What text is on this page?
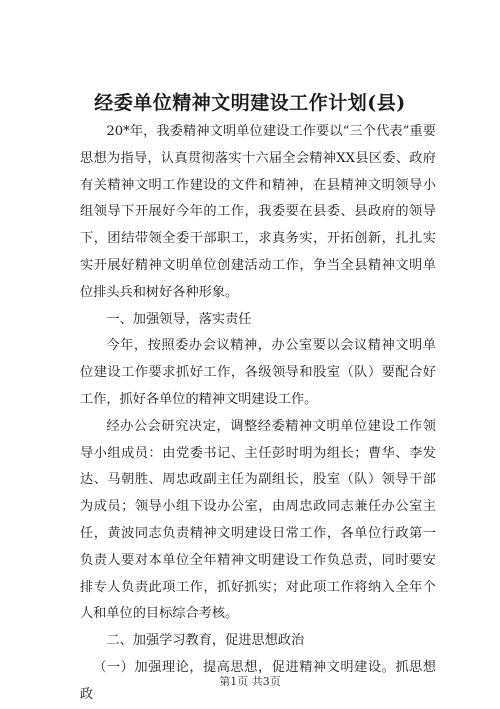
经委单位精神文明建设工作计划(县)

20*年，我委精神文明单位建设工作要以“三个代表”重要思想为指导，认真贯彻落实十六届全会精神XX县区委、政府有关精神文明工作建设的文件和精神，在县精神文明领导小组领导下开展好今年的工作，我委要在县委、县政府的领导下，团结带领全委干部职工，求真务实，开拓创新，扎扎实实开展好精神文明单位创建活动工作，争当全县精神文明单位排头兵和树好各种形象。

一、加强领导，落实责任

今年，按照委办会议精神，办公室要以会议精神文明单位建设工作要求抓好工作，各级领导和股室（队）要配合好工作，抓好各单位的精神文明建设工作。

经办公会研究决定，调整经委精神文明单位建设工作领导小组成员：由党委书记、主任彭时明为组长；曹华、李发达、马朝胜、周忠政副主任为副组长，股室（队）领导干部为成员；领导小组下设办公室，由周忠政同志兼任办公室主任，黄波同志负责精神文明建设日常工作，各单位行政第一负责人要对本单位全年精神文明建设工作负总责，同时要安排专人负责此项工作，抓好抓实；对此项工作将纳入全年个人和单位的目标综合考核。

二、加强学习教育，促进思想政治

（一）加强理论，提高思想，促进精神文明建设。抓思想政

第1页 共3页
